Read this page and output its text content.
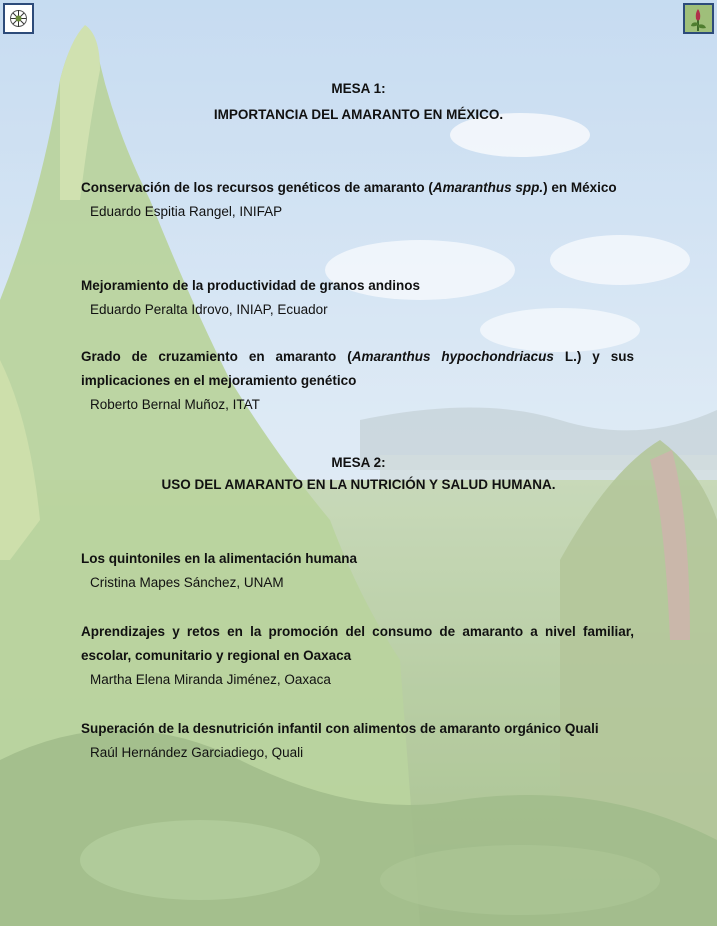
MESA 1:
IMPORTANCIA DEL AMARANTO EN MÉXICO.
Conservación de los recursos genéticos de amaranto (Amaranthus spp.) en México
Eduardo Espitia Rangel, INIFAP
Mejoramiento de la productividad de granos andinos
Eduardo Peralta Idrovo, INIAP, Ecuador
Grado de cruzamiento en amaranto (Amaranthus hypochondriacus L.) y sus implicaciones en el mejoramiento genético
Roberto Bernal Muñoz, ITAT
MESA 2:
USO DEL AMARANTO EN LA NUTRICIÓN Y SALUD HUMANA.
Los quintoniles en la alimentación humana
Cristina Mapes Sánchez, UNAM
Aprendizajes y retos en la promoción del consumo de amaranto a nivel familiar, escolar, comunitario y regional en Oaxaca
Martha Elena Miranda Jiménez, Oaxaca
Superación de la desnutrición infantil con alimentos de amaranto orgánico Quali
Raúl Hernández Garciadiego, Quali
